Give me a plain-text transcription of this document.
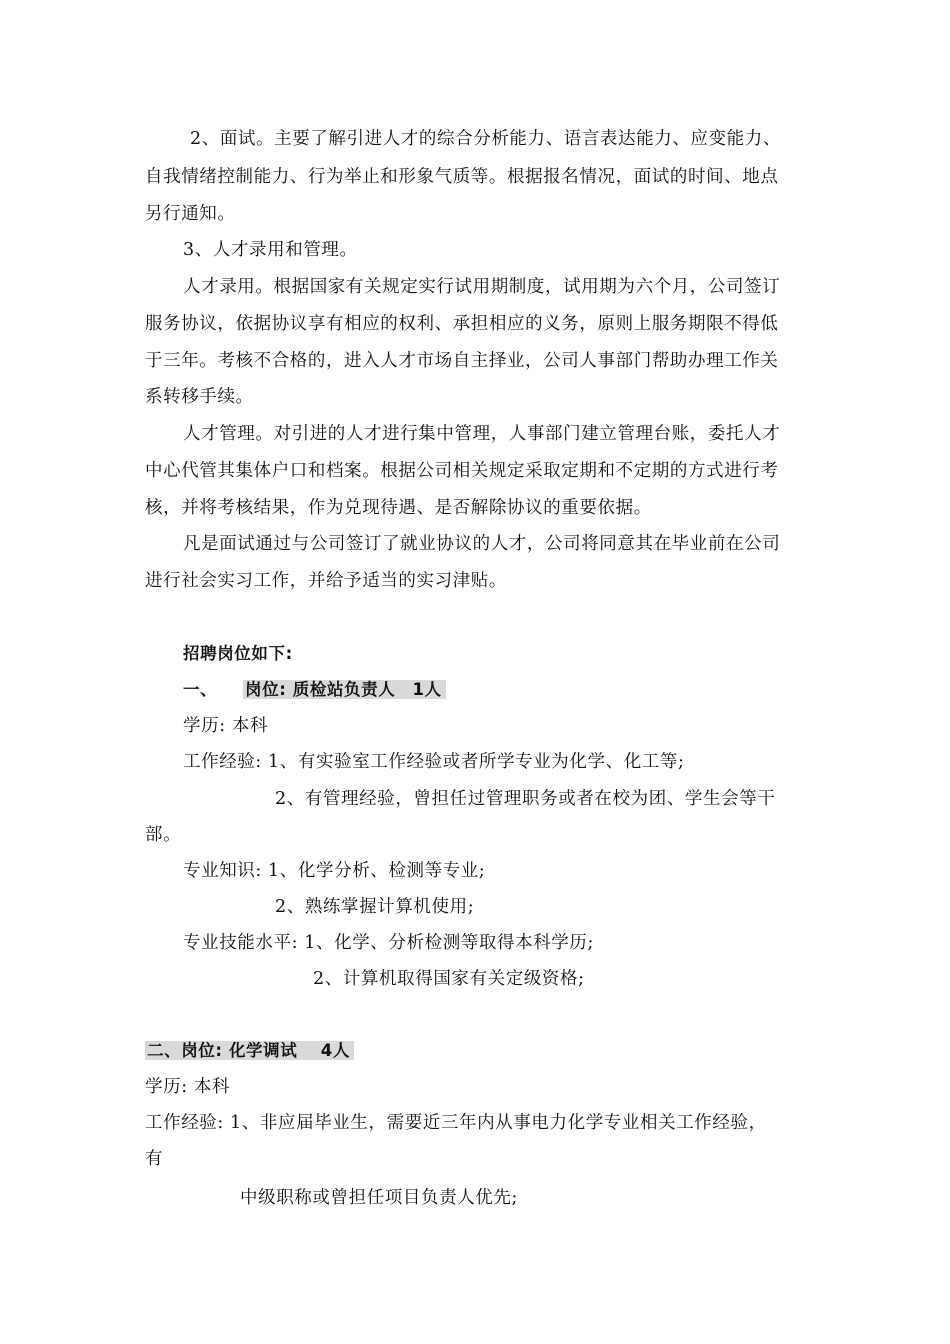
2、面试。主要了解引进人才的综合分析能力、语言表达能力、应变能力、
自我情绪控制能力、行为举止和形象气质等。根据报名情况，面试的时间、地点
另行通知。
3、人才录用和管理。
人才录用。根据国家有关规定实行试用期制度，试用期为六个月，公司签订
服务协议，依据协议享有相应的权利、承担相应的义务，原则上服务期限不得低
于三年。考核不合格的，进入人才市场自主择业，公司人事部门帮助办理工作关
系转移手续。
人才管理。对引进的人才进行集中管理，人事部门建立管理台账，委托人才
中心代管其集体户口和档案。根据公司相关规定采取定期和不定期的方式进行考
核，并将考核结果，作为兑现待遇、是否解除协议的重要依据。
凡是面试通过与公司签订了就业协议的人才，公司将同意其在毕业前在公司
进行社会实习工作，并给予适当的实习津贴。
招聘岗位如下:
一、 岗位: 质检站负责人　1人
学历: 本科
工作经验: 1、有实验室工作经验或者所学专业为化学、化工等;
2、有管理经验，曾担任过管理职务或者在校为团、学生会等干
部。
专业知识: 1、化学分析、检测等专业;
2、熟练掌握计算机使用;
专业技能水平: 1、化学、分析检测等取得本科学历;
2、计算机取得国家有关定级资格;
二、岗位: 化学调试　 4人
学历: 本科
工作经验: 1、非应届毕业生，需要近三年内从事电力化学专业相关工作经验，
有
中级职称或曾担任项目负责人优先;
